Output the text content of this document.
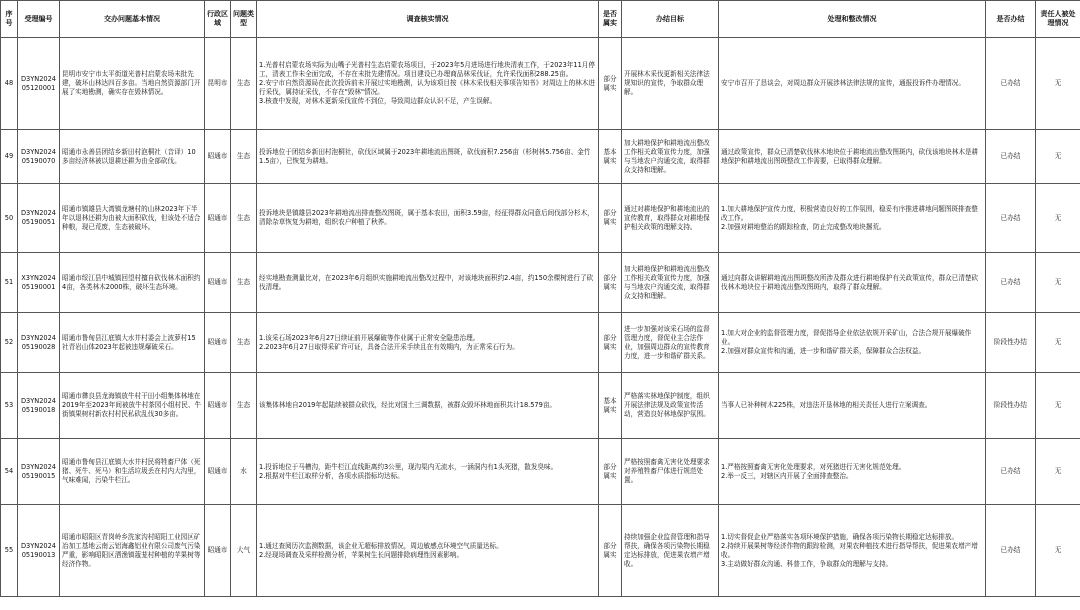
序号	受理编号	交办问题基本情况	行政区域	问题类型	调查核实情况	是否属实	办结目标	处理和整改情况	是否办结	责任人被处理情况
48	D3YN2024 05120001	昆明市安宁市太平街道光普村启蒙农场未批先建，破坏山林达四百多亩。当地自然资源部门开展了实地勘测，确实存在毁林情况。	昆明市	生态	1.光普村启蒙农场实际为山嘴子光普村生态启蒙农场项目，于2023年5月进场进行地块清表工作，于2023年11月停工，清表工作未全面完成，不存在未批先建情况。项目建设已办理商品林采伐证，允许采伐面积288.25亩。
2.安宁市自然资源局在此次投诉前未开展过实地勘测，认为该项目按《林木采伐相关事项告知书》对周边上的林木进行采伐，属持证采伐，不存在"毁林"情况。
3.核查中发现，对林木更新采伐宣传不到位，导致周边群众认识不足，产生误解。	部分属实	开展林木采伐更新相关法律法规知识的宣传，争取群众理解。	安宁市召开了恳谈会，对周边群众开展涉林法律法规的宣传，通报投诉件办理情况。	已办结	无
49	D3YN2024 05190070	昭通市永善县团结乡新田村泡桐社（音译）10多亩经济林被以退耕还耕为由全部砍伐。	昭通市	生态	投诉地位于团结乡新田村泡桐社，砍伐区域属于2023年耕地流出图斑，砍伐面积7.256亩（杉树林5.756亩、金竹1.5亩），已恢复为耕地。	基本属实	加大耕地保护和耕地流出整改工作相关政策宣传力度，加强与当地农户沟通交流，取得群众支持和理解。	通过政策宣传，群众已清楚砍伐林木地块位于耕地流出整改图斑内，砍伐该地块林木是耕地保护和耕地流出图斑整改工作需要，已取得群众理解。	已办结	无
50	D3YN2024 05190051	昭通市镇雄县大湾镇龙塘村的山林2023年下半年以退林还耕为由被大面积砍伐，但该处不适合种粮，现已荒废，生态被破坏。	昭通市	生态	投诉地块是镇雄县2023年耕地流出排查整改图斑，属于基本农田，面积3.59亩，经征得群众同意后间伐部分杉木，清除杂草恢复为耕地，组织农户种植了秋荞。	部分属实	通过对耕地保护和耕地流出的宣传教育，取得群众对耕地保护相关政策的理解支持。	1.加大耕地保护宣传力度，积极营造良好的工作氛围，稳妥有序推进耕地问题图斑排查整改工作。
2.加强对耕地整治的跟踪检查，防止完成整改地块撂荒。	已办结	无
51	X3YN2024 05190001	昭通市绥江县中城镇回望村擅自砍伐林木面积约4亩，各类林木2000株，破坏生态环境。	昭通市	生态	经实地勘查测量比对，在2023年6月组织实施耕地流出整改过程中，对该地块面积约2.4亩，约150余棵树进行了砍伐清理。	部分属实	加大耕地保护和耕地流出整改工作相关政策宣传力度，加强与当地农户沟通交流，取得群众支持和理解。	通过向群众讲解耕地流出图斑整改所涉及群众进行耕地保护有关政策宣传，群众已清楚砍伐林木地块位于耕地流出整改图斑内，取得了群众理解。	已办结	无
52	D3YN2024 05190028	昭通市鲁甸县江底镇大水井村委会上波萝村15社青岩山体2023年起被违规爆破采石。	昭通市	生态	1.该采石场2023年6月27日续证前开展爆破等作业属于正常安全隐患治理。
2.2023年6月27日取得采矿许可证，具备合法开采手续且在有效期内，为正常采石行为。	部分属实	进一步加强对该采石场的监督管理力度，督促业主合法作业，加强周边群众的宣传教育力度，进一步和谐矿群关系。	1.加大对企业的监督管理力度，督促指导企业依法依规开采矿山，合法合规开展爆破作业。
2.加强对群众宣传和沟通，进一步和谐矿群关系，保障群众合法权益。	阶段性办结	无
53	D3YN2024 05190018	昭通市彝良县龙海镇放牛村干田小组集体林地在2019年至2023年间被放牛村茶园小组村民、牛街镇果树村新农村村民私砍乱伐30多亩。	昭通市	生态	该集体林地自2019年起陆续被群众砍伐，经比对国土三调数据，被群众毁坏林地面积共计18.579亩。	基本属实	严格落实林地保护制度，组织开展法律法规及政策宣传活动，营造良好林地保护氛围。	当事人已补种树木225株，对违法开垦林地的相关责任人进行立案调查。	阶段性办结	无
54	D3YN2024 05190015	昭通市鲁甸县江底镇大水井村民将牲畜尸体（死猪、死牛、死马）和生活垃圾丢在村内大沟里，气味难闻，污染牛栏江。	昭通市	水	1.投诉地位于马槽沟，距牛栏江直线距离约3公里，现沟渠内无流水，一涵洞内有1头死猪，散发臭味。
2.根据对牛栏江取样分析，各项水质指标均达标。	部分属实	严格按照畜禽无害化处理要求对养殖牲畜尸体进行规范处置。	1.严格按照畜禽无害化处理要求，对死猪进行无害化规范处理。
2.举一反三，对辖区内开展了全面排查整治。	已办结	无
55	D3YN2024 05190013	昭通市昭阳区青岗岭乡洗家沟村昭阳工业园区矿冶加工基地云南云铝海鑫铝业有限公司废气污染严重，影响昭阳区洒渔镇蔻茏村种植的苹果树等经济作物。	昭通市	大气	1.通过查阅历次监测数据，该企业无超标排放情况，周边敏感点环境空气质量达标。
2.经现场调查及采样检测分析，苹果树生长问题排除病理性因素影响。	部分属实	持续加强企业监督管理和指导帮扶，确保各项污染物长期稳定达标排放，促进果农增产增收。	1.切实督促企业严格落实各项环境保护措施，确保各项污染物长期稳定达标排放。
2.持续开展果树等经济作物的跟踪检测，对果农种植技术进行指导帮扶，促进果农增产增收。
3.主动做好群众沟通、科普工作，争取群众的理解与支持。	已办结	无
